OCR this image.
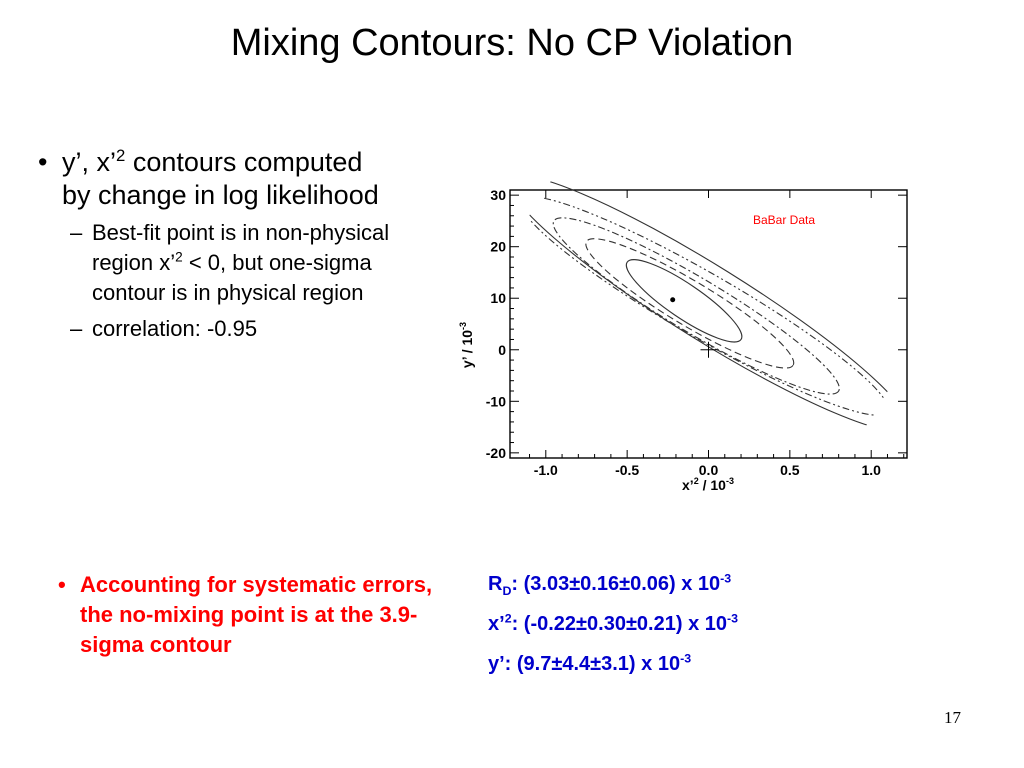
Mixing Contours: No CP Violation
• y’, x’$^2$ contours computed by change in log likelihood
– Best-fit point is in non-physical region x’$^2$ < 0, but one-sigma contour is in physical region
– correlation: -0.95
-1.0	-0.5	0.0	0.5	1.0
-20
-10
0
10
20
30
BaBar Data
x’$^2$ / $10^{-3}$
y’ / $10^{-3}$
• Accounting for systematic errors, the no-mixing point is at the 3.9-sigma contour
$R_D$: (3.03±0.16±0.06) x $10^{-3}$
x’$^2$: (-0.22±0.30±0.21) x $10^{-3}$
y’: (9.7±4.4±3.1) x $10^{-3}$
17
